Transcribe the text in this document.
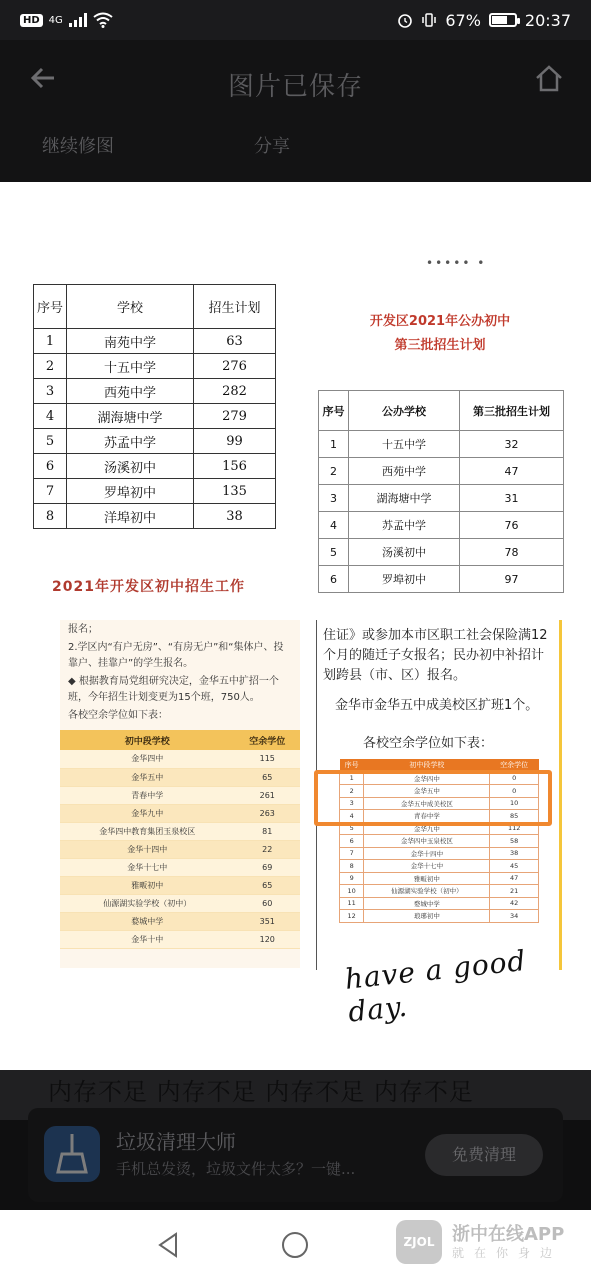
HD 4G	67%	20:37
图片已保存
继续修图	分享
••••• •
序号	学校	招生计划
1	南苑中学	63
2	十五中学	276
3	西苑中学	282
4	湖海塘中学	279
5	苏孟中学	99
6	汤溪初中	156
7	罗埠初中	135
8	洋埠初中	38
开发区2021年公办初中
第三批招生计划
序号	公办学校	第三批招生计划
1	十五中学	32
2	西苑中学	47
3	湖海塘中学	31
4	苏孟中学	76
5	汤溪初中	78
6	罗埠初中	97
2021年开发区初中招生工作
报名；
2.学区内“有户无房”、“有房无户”和“集体户、投靠户、挂靠户”的学生报名。
◆ 根据教育局党组研究决定，金华五中扩招一个班，今年招生计划变更为15个班，750人。
各校空余学位如下表：
初中段学校	空余学位
金华四中	115
金华五中	65
青春中学	261
金华九中	263
金华四中教育集团玉泉校区	81
金华十四中	22
金华十七中	69
雅畈初中	65
仙源湖实验学校（初中）	60
婺城中学	351
金华十中	120
住证》或参加本市区职工社会保险满12个月的随迁子女报名；民办初中补招计划跨县（市、区）报名。
金华市金华五中成美校区扩班1个。
各校空余学位如下表：
序号	初中段学校	空余学位
1	金华四中	0
2	金华五中	0
3	金华五中成美校区	10
4	青春中学	85
5	金华九中	112
6	金华四中玉泉校区	58
7	金华十四中	38
8	金华十七中	45
9	雅畈初中	47
10	仙源湖实验学校（初中）	21
11	婺城中学	42
12	琅琊初中	34
have a good day.
内存不足 内存不足 内存不足 内存不足
垃圾清理大师
手机总发烫，垃圾文件太多？一键...
免费清理
ZJOL 浙中在线APP
就在你身边
